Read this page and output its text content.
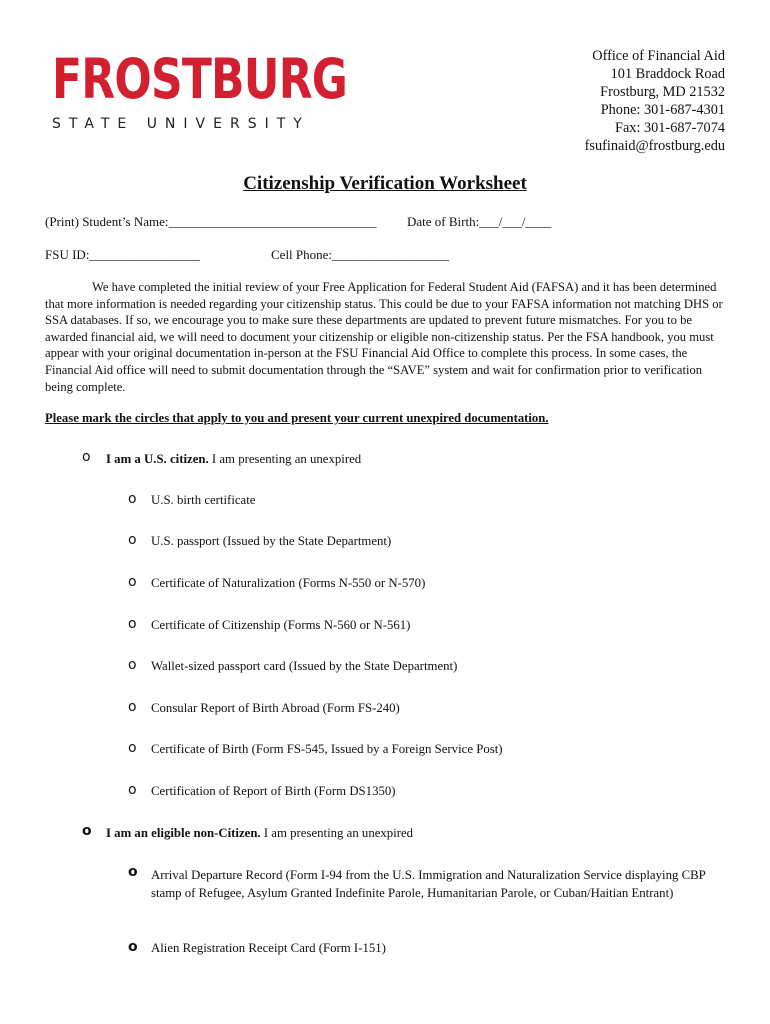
FROSTBURG
STATE UNIVERSITY
Office of Financial Aid
101 Braddock Road
Frostburg, MD 21532
Phone: 301-687-4301
Fax: 301-687-7074
fsufinaid@frostburg.edu
Citizenship Verification Worksheet
(Print) Student’s Name:________________________________ Date of Birth:___/___/____
FSU ID:_________________	Cell Phone:__________________

We have completed the initial review of your Free Application for Federal Student Aid (FAFSA) and it has been determined that more information is needed regarding your citizenship status. This could be due to your FAFSA information not matching DHS or SSA databases. If so, we encourage you to make sure these departments are updated to prevent future mismatches. For you to be awarded financial aid, we will need to document your citizenship or eligible non-citizenship status. Per the FSA handbook, you must appear with your original documentation in-person at the FSU Financial Aid Office to complete this process. In some cases, the Financial Aid office will need to submit documentation through the “SAVE” system and wait for confirmation prior to verification being complete.

Please mark the circles that apply to you and present your current unexpired documentation.
o I am a U.S. citizen. I am presenting an unexpired
o U.S. birth certificate
o U.S. passport (Issued by the State Department)
o Certificate of Naturalization (Forms N-550 or N-570)
o Certificate of Citizenship (Forms N-560 or N-561)
o Wallet-sized passport card (Issued by the State Department)
o Consular Report of Birth Abroad (Form FS-240)
o Certificate of Birth (Form FS-545, Issued by a Foreign Service Post)
o Certification of Report of Birth (Form DS1350)
o I am an eligible non-Citizen. I am presenting an unexpired
o Arrival Departure Record (Form I-94 from the U.S. Immigration and Naturalization Service displaying CBP stamp of Refugee, Asylum Granted Indefinite Parole, Humanitarian Parole, or Cuban/Haitian Entrant)
o Alien Registration Receipt Card (Form I-151)
